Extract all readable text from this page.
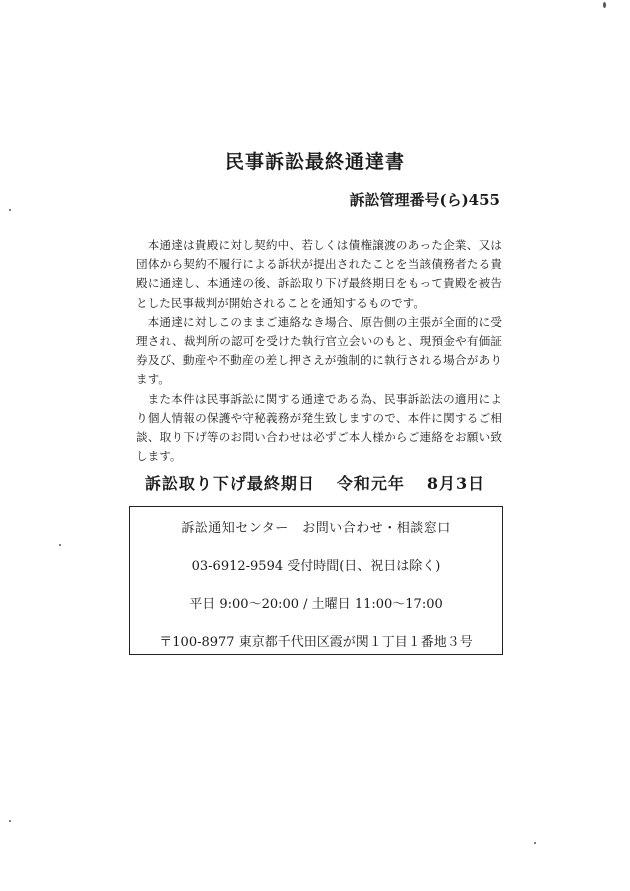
民事訴訟最終通達書
訴訟管理番号(ら)455

本通達は貴殿に対し契約中、若しくは債権譲渡のあった企業、又は団体から契約不履行による訴状が提出されたことを当該債務者たる貴殿に通達し、本通達の後、訴訟取り下げ最終期日をもって貴殿を被告とした民事裁判が開始されることを通知するものです。

本通達に対しこのままご連絡なき場合、原告側の主張が全面的に受理され、裁判所の認可を受けた執行官立会いのもと、現預金や有価証券及び、動産や不動産の差し押さえが強制的に執行される場合があります。

また本件は民事訴訟に関する通達である為、民事訴訟法の適用により個人情報の保護や守秘義務が発生致しますので、本件に関するご相談、取り下げ等のお問い合わせは必ずご本人様からご連絡をお願い致します。

訴訟取り下げ最終期日 令和元年 8月3日
訴訟通知センター　お問い合わせ・相談窓口
03-6912-9594 受付時間(日、祝日は除く)
平日 9:00～20:00 / 土曜日 11:00～17:00
〒100-8977 東京都千代田区霞が関１丁目１番地３号
